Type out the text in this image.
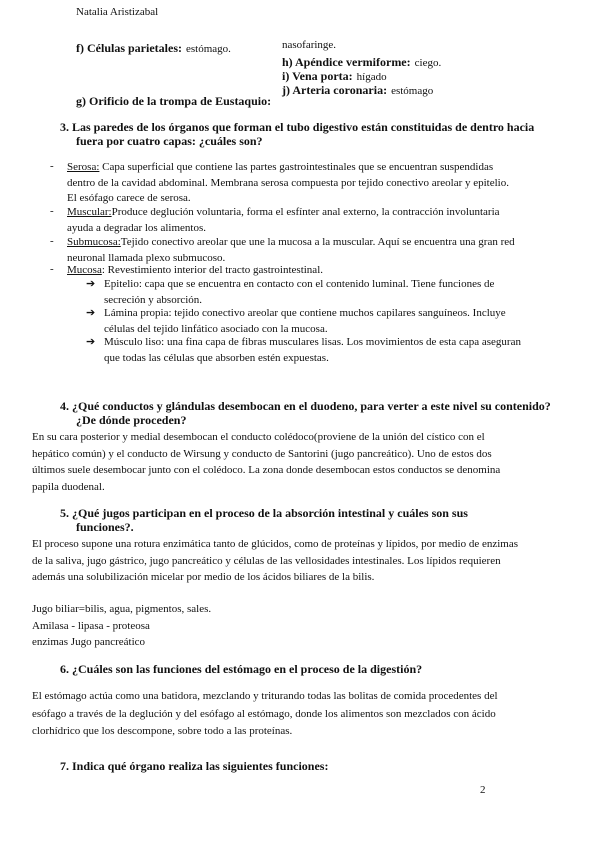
Natalia Aristizabal
f) Células parietales: estómago.	nasofaringe.
h) Apéndice vermiforme: ciego.
i) Vena porta: hígado
j) Arteria coronaria: estómago
g) Orificio de la trompa de Eustaquio:
3. Las paredes de los órganos que forman el tubo digestivo están constituidas de dentro hacia
fuera por cuatro capas: ¿cuáles son?
- Serosa: Capa superficial que contiene las partes gastrointestinales que se encuentran suspendidas
dentro de la cavidad abdominal. Membrana serosa compuesta por tejido conectivo areolar y epitelio.
El esófago carece de serosa.
- Muscular:Produce deglución voluntaria, forma el esfínter anal externo, la contracción involuntaria
ayuda a degradar los alimentos.
- Submucosa:Tejido conectivo areolar que une la mucosa a la muscular. Aquí se encuentra una gran red
neuronal llamada plexo submucoso.
- Mucosa: Revestimiento interior del tracto gastrointestinal.
➔ Epitelio: capa que se encuentra en contacto con el contenido luminal. Tiene funciones de
secreción y absorción.
➔ Lámina propia: tejido conectivo areolar que contiene muchos capilares sanguíneos. Incluye
células del tejido linfático asociado con la mucosa.
➔ Músculo liso: una fina capa de fibras musculares lisas. Los movimientos de esta capa aseguran
que todas las células que absorben estén expuestas.
4. ¿Qué conductos y glándulas desembocan en el duodeno, para verter a este nivel su contenido?
¿De dónde proceden?
En su cara posterior y medial desembocan el conducto colédoco(proviene de la unión del cístico con el
hepático común) y el conducto de Wirsung y conducto de Santorini (jugo pancreático). Uno de estos dos
últimos suele desembocar junto con el colédoco. La zona donde desembocan estos conductos se denomina
papila duodenal.
5. ¿Qué jugos participan en el proceso de la absorción intestinal y cuáles son sus
funciones?.
El proceso supone una rotura enzimática tanto de glúcidos, como de proteínas y lípidos, por medio de enzimas
de la saliva, jugo gástrico, jugo pancreático y células de las vellosidades intestinales. Los lípidos requieren
además una solubilización micelar por medio de los ácidos biliares de la bilis.
Jugo biliar=bilis, agua, pigmentos, sales.
Amilasa - lipasa - proteosa
enzimas Jugo pancreático
6. ¿Cuáles son las funciones del estómago en el proceso de la digestión?
El estómago actúa como una batidora, mezclando y triturando todas las bolitas de comida procedentes del
esófago a través de la deglución y del esófago al estómago, donde los alimentos son mezclados con ácido
clorhídrico que los descompone, sobre todo a las proteínas.
7. Indica qué órgano realiza las siguientes funciones:
2
